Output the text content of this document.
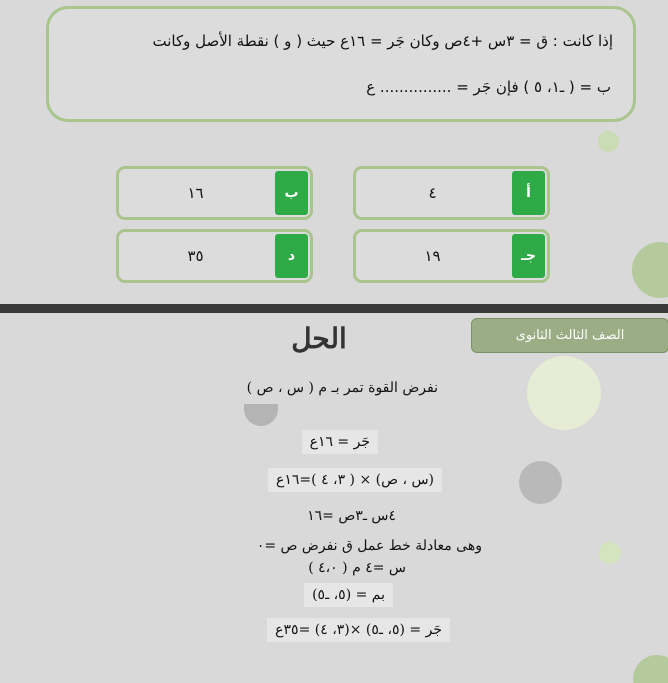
إذا كانت : ق = ٣س +٤ص وكان جَر = ١٦ع حيث ( و ) نقطة الأصل وكانت
ب = ( ـ١، ٥ ) فإن جَر = ............... ع
أ
٤
ب
١٦
جـ
١٩
د
٣٥
الصف الثالث الثانوى
الحل
نفرض القوة تمر بـ م ( س ، ص )
جَر = ١٦ع
(س ، ص) × ( ٣، ٤ )=١٦ع
٤س ـ٣ص =١٦
وهى معادلة خط عمل ق نفرض ص =٠
س =٤ م ( ٤،٠ )
بم = (٥، ـ٥)
جَر = (٥، ـ٥) ×(٣، ٤) =٣٥ع
